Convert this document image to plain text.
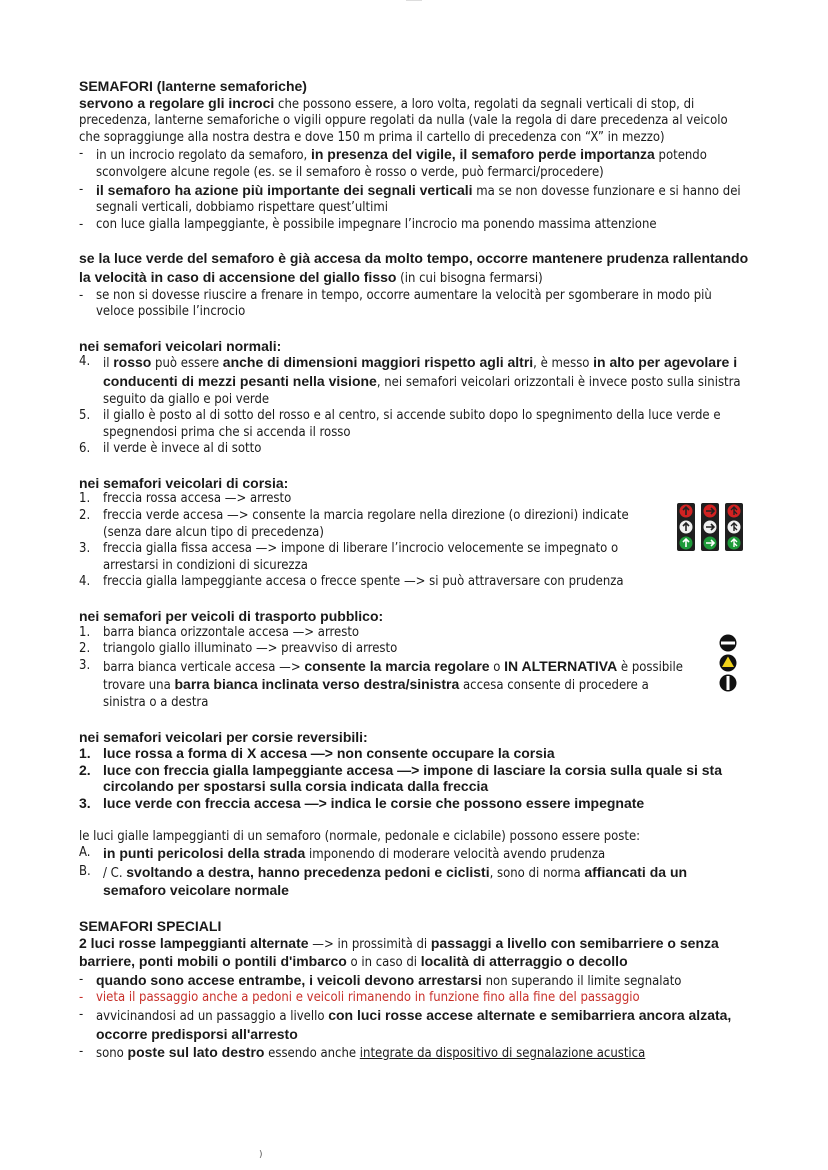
SEMAFORI (lanterne semaforiche)
servono a regolare gli incroci che possono essere, a loro volta, regolati da segnali verticali di stop, di precedenza, lanterne semaforiche o vigili oppure regolati da nulla (vale la regola di dare precedenza al veicolo che sopraggiunge alla nostra destra e dove 150 m prima il cartello di precedenza con “X” in mezzo)
- in un incrocio regolato da semaforo, in presenza del vigile, il semaforo perde importanza potendo sconvolgere alcune regole (es. se il semaforo è rosso o verde, può fermarci/procedere)
- il semaforo ha azione più importante dei segnali verticali ma se non dovesse funzionare e si hanno dei segnali verticali, dobbiamo rispettare quest’ultimi
- con luce gialla lampeggiante, è possibile impegnare l’incrocio ma ponendo massima attenzione
se la luce verde del semaforo è già accesa da molto tempo, occorre mantenere prudenza rallentando la velocità in caso di accensione del giallo fisso (in cui bisogna fermarsi)
- se non si dovesse riuscire a frenare in tempo, occorre aumentare la velocità per sgomberare in modo più veloce possibile l’incrocio
nei semafori veicolari normali:
4. il rosso può essere anche di dimensioni maggiori rispetto agli altri, è messo in alto per agevolare i conducenti di mezzi pesanti nella visione, nei semafori veicolari orizzontali è invece posto sulla sinistra seguito da giallo e poi verde
5. il giallo è posto al di sotto del rosso e al centro, si accende subito dopo lo spegnimento della luce verde e spegnendosi prima che si accenda il rosso
6. il verde è invece al di sotto
nei semafori veicolari di corsia:
1. freccia rossa accesa —> arresto
2. freccia verde accesa —> consente la marcia regolare nella direzione (o direzioni) indicate (senza dare alcun tipo di precedenza)
3. freccia gialla fissa accesa —> impone di liberare l’incrocio velocemente se impegnato o arrestarsi in condizioni di sicurezza
4. freccia gialla lampeggiante accesa o frecce spente —> si può attraversare con prudenza
nei semafori per veicoli di trasporto pubblico:
1. barra bianca orizzontale accesa —> arresto
2. triangolo giallo illuminato —> preavviso di arresto
3. barra bianca verticale accesa —> consente la marcia regolare o IN ALTERNATIVA è possibile trovare una barra bianca inclinata verso destra/sinistra accesa consente di procedere a sinistra o a destra
nei semafori veicolari per corsie reversibili:
1. luce rossa a forma di X accesa —> non consente occupare la corsia
2. luce con freccia gialla lampeggiante accesa —> impone di lasciare la corsia sulla quale si sta circolando per spostarsi sulla corsia indicata dalla freccia
3. luce verde con freccia accesa —> indica le corsie che possono essere impegnate
le luci gialle lampeggianti di un semaforo (normale, pedonale e ciclabile) possono essere poste:
A. in punti pericolosi della strada imponendo di moderare velocità avendo prudenza
B. / C. svoltando a destra, hanno precedenza pedoni e ciclisti, sono di norma affiancati da un semaforo veicolare normale
SEMAFORI SPECIALI
2 luci rosse lampeggianti alternate —> in prossimità di passaggi a livello con semibarriere o senza barriere, ponti mobili o pontili d'imbarco o in caso di località di atterraggio o decollo
- quando sono accese entrambe, i veicoli devono arrestarsi non superando il limite segnalato
- vieta il passaggio anche a pedoni e veicoli rimanendo in funzione fino alla fine del passaggio
- avvicinandosi ad un passaggio a livello con luci rosse accese alternate e semibarriera ancora alzata, occorre predisporsi all'arresto
- sono poste sul lato destro essendo anche integrate da dispositivo di segnalazione acustica
)
